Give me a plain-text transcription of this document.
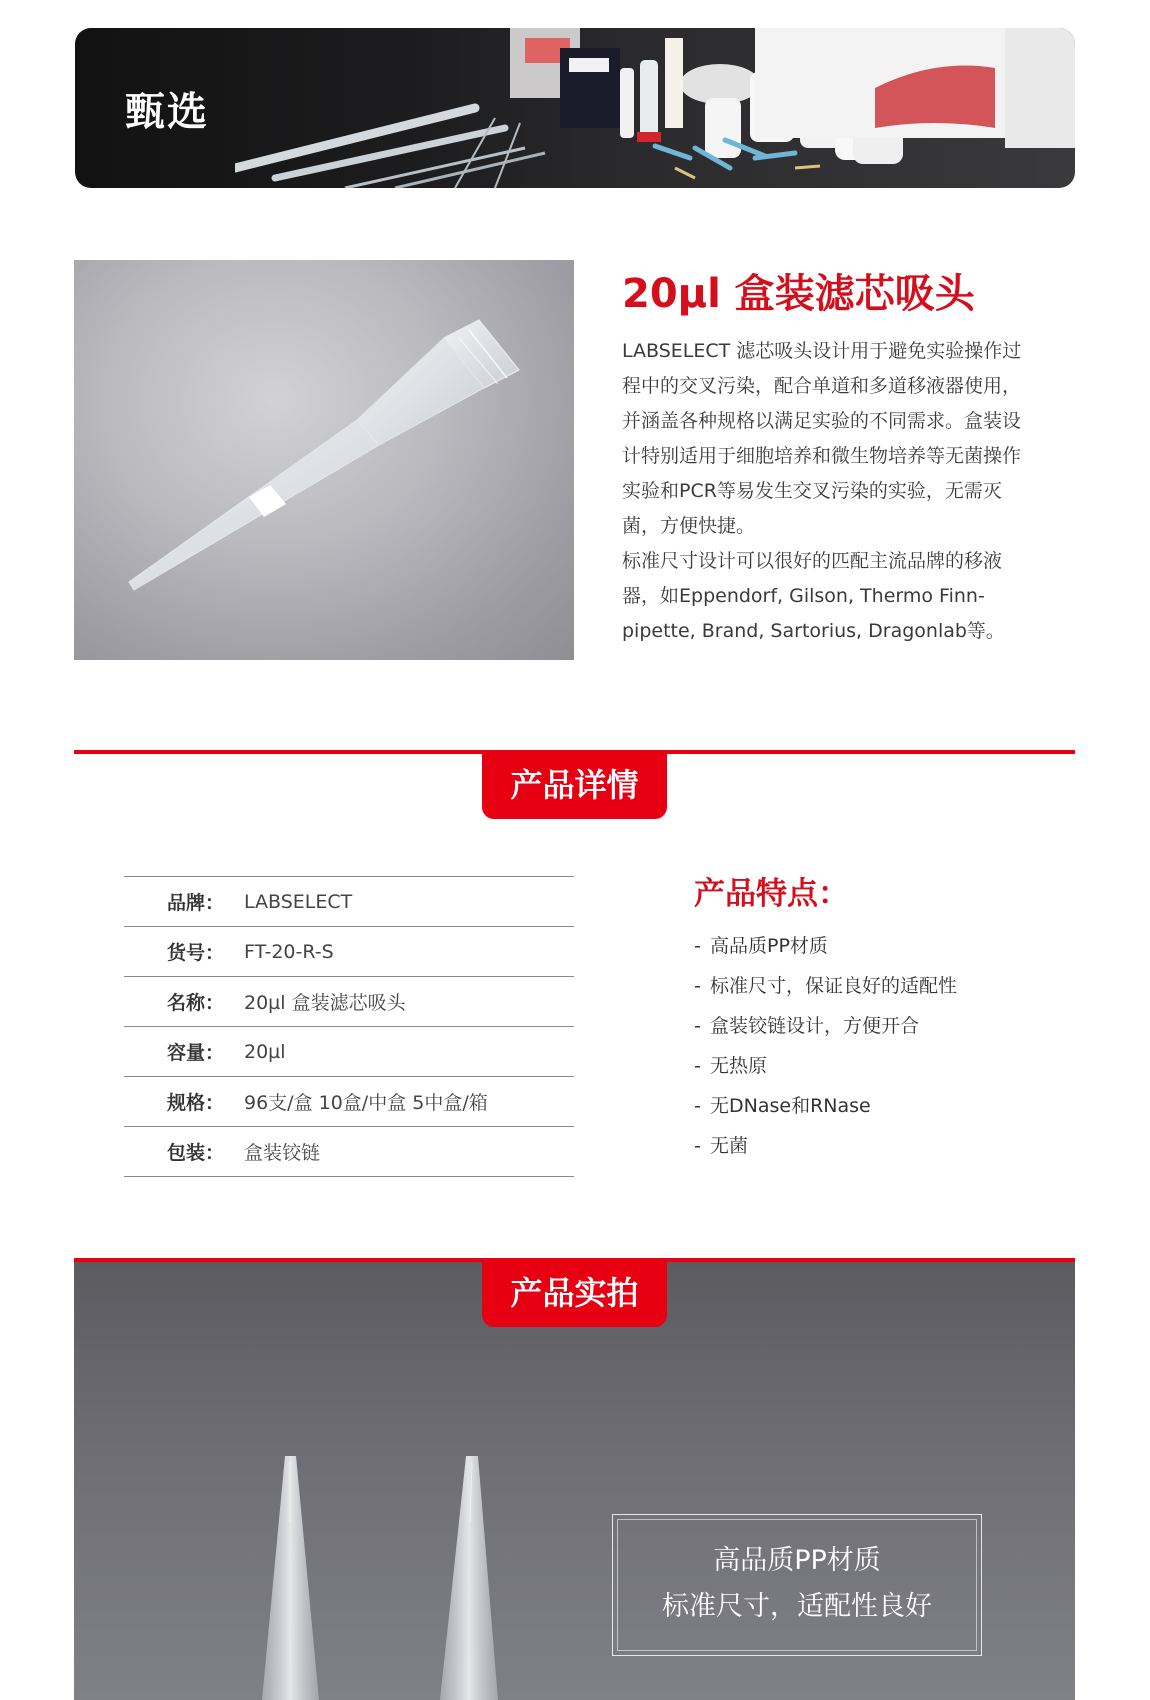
甄选
20µl 盒装滤芯吸头

LABSELECT 滤芯吸头设计用于避免实验操作过程中的交叉污染，配合单道和多道移液器使用，并涵盖各种规格以满足实验的不同需求。盒装设计特别适用于细胞培养和微生物培养等无菌操作实验和PCR等易发生交叉污染的实验，无需灭菌，方便快捷。

标准尺寸设计可以很好的匹配主流品牌的移液器，如Eppendorf, Gilson, Thermo Finn-pipette, Brand, Sartorius, Dragonlab等。

产品详情
品牌：	LABSELECT
货号：	FT-20-R-S
名称：	20µl 盒装滤芯吸头
容量：	20µl
规格：	96支/盒 10盒/中盒 5中盒/箱
包装：	盒装铰链
产品特点：
- 高品质PP材质
- 标准尺寸，保证良好的适配性
- 盒装铰链设计，方便开合
- 无热原
- 无DNase和RNase
- 无菌
产品实拍
高品质PP材质
标准尺寸，适配性良好
